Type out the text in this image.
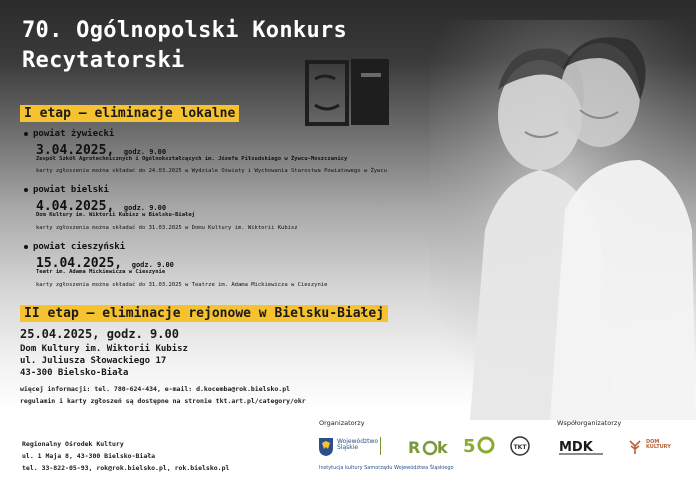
70. Ogólnopolski Konkurs
Recytatorski
I etap – eliminacje lokalne
powiat żywiecki
3.04.2025, godz. 9.00
Zespół Szkół Agrotechnicznych i Ogólnokształcących im. Józefa Piłsudskiego w Żywcu-Moszczanicy
karty zgłoszenia można składać do 24.03.2025 w Wydziale Oświaty i Wychowania Starostwa Powiatowego w Żywcu
powiat bielski
4.04.2025, godz. 9.00
Dom Kultury im. Wiktorii Kubisz w Bielsku-Białej
karty zgłoszenia można składać do 31.03.2025 w Domu Kultury im. Wiktorii Kubisz
powiat cieszyński
15.04.2025, godz. 9.00
Teatr im. Adama Mickiewicza w Cieszynie
karty zgłoszenia można składać do 31.03.2025 w Teatrze im. Adama Mickiewicza w Cieszynie
II etap – eliminacje rejonowe w Bielsku-Białej
25.04.2025, godz. 9.00
Dom Kultury im. Wiktorii Kubisz
ul. Juliusza Słowackiego 17
43-300 Bielsko-Biała
więcej informacji: tel. 780-624-434, e-mail: d.kocemba@rok.bielsko.pl
regulamin i karty zgłoszeń są dostępne na stronie tkt.art.pl/category/okr
Regionalny Ośrodek Kultury
ul. 1 Maja 8, 43-300 Bielsko-Biała
tel. 33-822-05-93, rok@rok.bielsko.pl, rok.bielsko.pl
Organizatorzy	Współorganizatorzy
Województwo Śląskie	R k 5	TKT
Instytucja kultury Samorządu Województwa Śląskiego
MDK	DOM KULTURY
